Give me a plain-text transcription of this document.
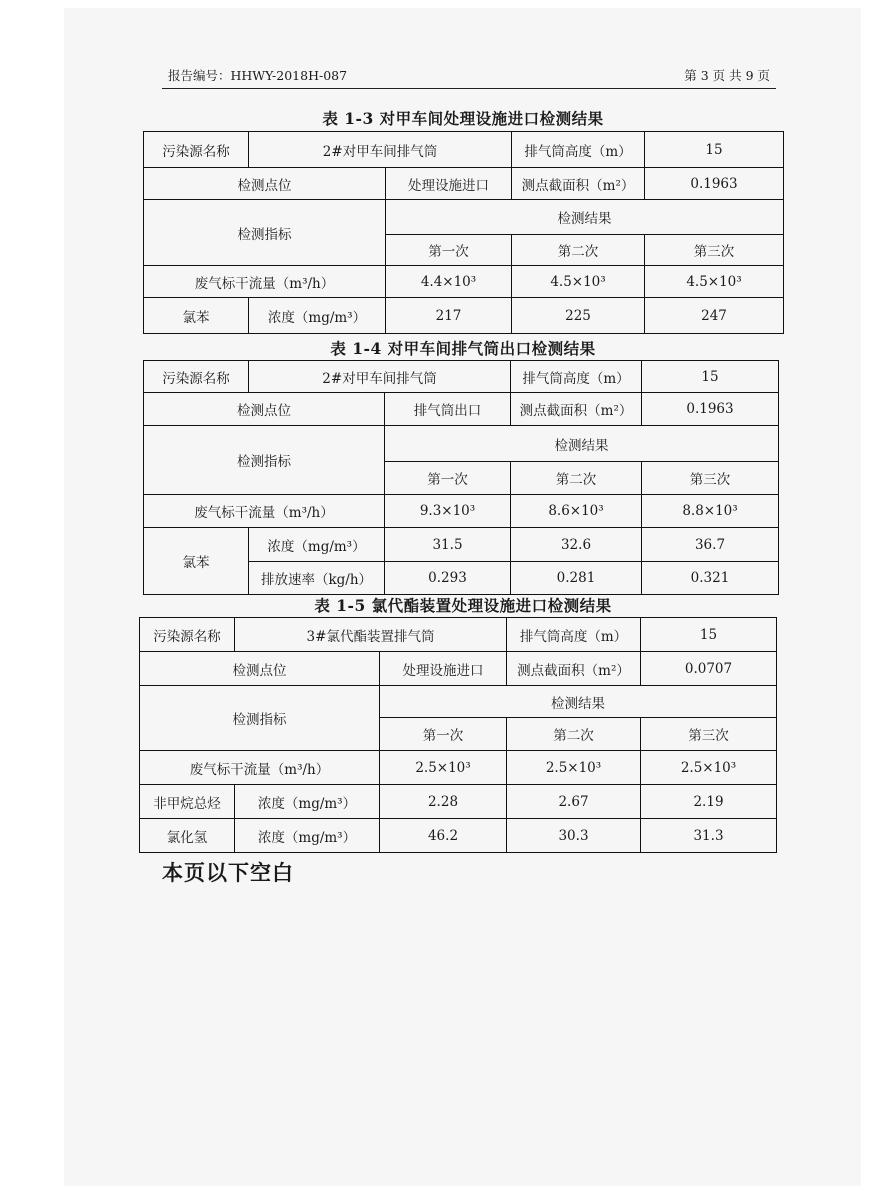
报告编号：HHWY-2018H-087	第 3 页 共 9 页
表 1-3 对甲车间处理设施进口检测结果
污染源名称	2#对甲车间排气筒		排气筒高度（m）	15
检测点位		处理设施进口	测点截面积（m²）	0.1963
检测指标		检测结果		
		第一次	第二次	第三次
废气标干流量（m³/h）		4.4×10³	4.5×10³	4.5×10³
氯苯	浓度（mg/m³）	217	225	247
表 1-4 对甲车间排气筒出口检测结果
污染源名称	2#对甲车间排气筒		排气筒高度（m）	15
检测点位		排气筒出口	测点截面积（m²）	0.1963
检测指标		检测结果		
		第一次	第二次	第三次
废气标干流量（m³/h）		9.3×10³	8.6×10³	8.8×10³
氯苯	浓度（mg/m³）	31.5	32.6	36.7
	排放速率（kg/h）	0.293	0.281	0.321
表 1-5 氯代酯装置处理设施进口检测结果
污染源名称	3#氯代酯装置排气筒		排气筒高度（m）	15
检测点位		处理设施进口	测点截面积（m²）	0.0707
检测指标		检测结果		
		第一次	第二次	第三次
废气标干流量（m³/h）		2.5×10³	2.5×10³	2.5×10³
非甲烷总烃	浓度（mg/m³）	2.28	2.67	2.19
氯化氢	浓度（mg/m³）	46.2	30.3	31.3
本页以下空白
